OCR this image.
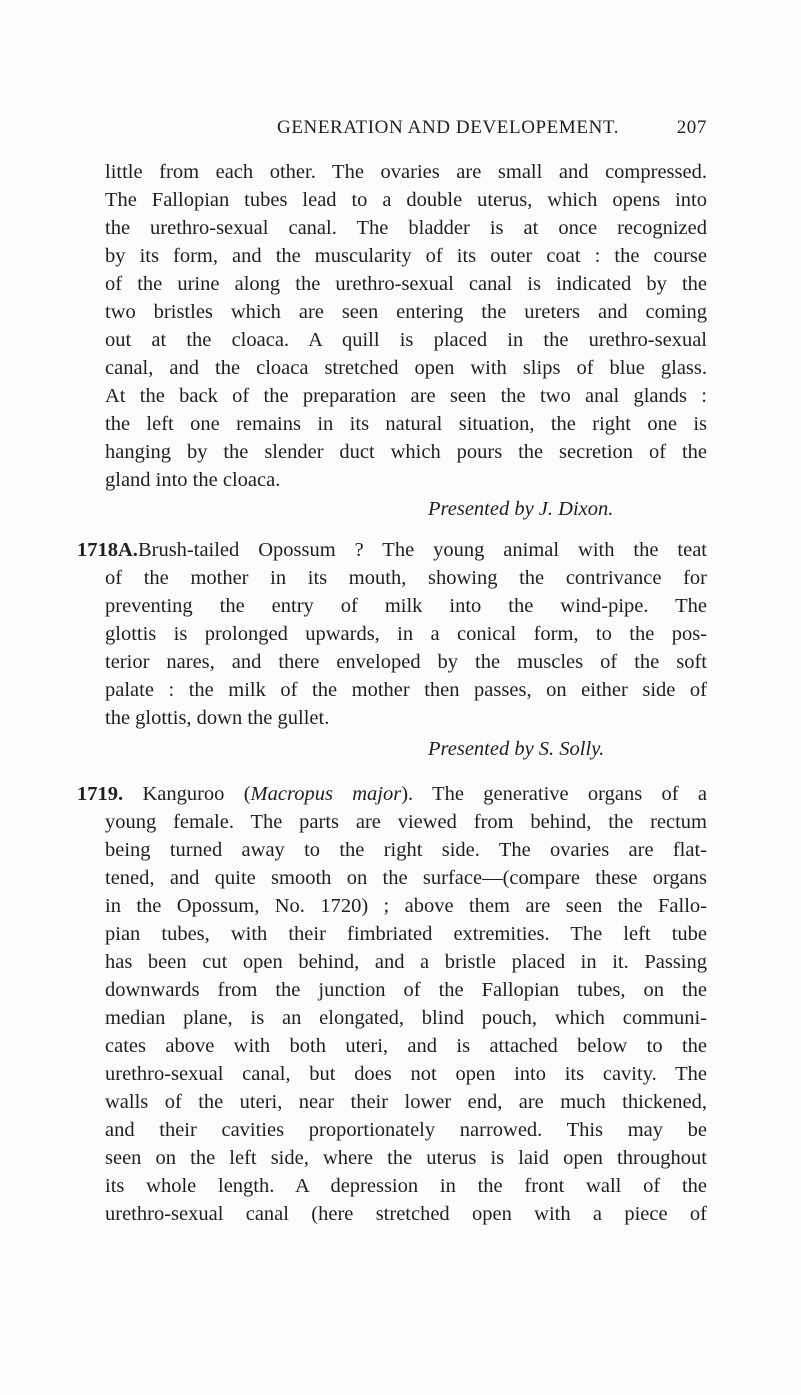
GENERATION AND DEVELOPEMENT.	207
little from each other. The ovaries are small and compressed.
The Fallopian tubes lead to a double uterus, which opens into
the urethro-sexual canal. The bladder is at once recognized
by its form, and the muscularity of its outer coat : the course
of the urine along the urethro-sexual canal is indicated by the
two bristles which are seen entering the ureters and coming
out at the cloaca. A quill is placed in the urethro-sexual
canal, and the cloaca stretched open with slips of blue glass.
At the back of the preparation are seen the two anal glands :
the left one remains in its natural situation, the right one is
hanging by the slender duct which pours the secretion of the
gland into the cloaca.
Presented by J. Dixon.
1718A.Brush-tailed Opossum ? The young animal with the teat
of the mother in its mouth, showing the contrivance for
preventing the entry of milk into the wind-pipe. The
glottis is prolonged upwards, in a conical form, to the pos-
terior nares, and there enveloped by the muscles of the soft
palate : the milk of the mother then passes, on either side of
the glottis, down the gullet.
Presented by S. Solly.
1719. Kanguroo (Macropus major). The generative organs of a
young female. The parts are viewed from behind, the rectum
being turned away to the right side. The ovaries are flat-
tened, and quite smooth on the surface—(compare these organs
in the Opossum, No. 1720) ; above them are seen the Fallo-
pian tubes, with their fimbriated extremities. The left tube
has been cut open behind, and a bristle placed in it. Passing
downwards from the junction of the Fallopian tubes, on the
median plane, is an elongated, blind pouch, which communi-
cates above with both uteri, and is attached below to the
urethro-sexual canal, but does not open into its cavity. The
walls of the uteri, near their lower end, are much thickened,
and their cavities proportionately narrowed. This may be
seen on the left side, where the uterus is laid open throughout
its whole length. A depression in the front wall of the
urethro-sexual canal (here stretched open with a piece of
